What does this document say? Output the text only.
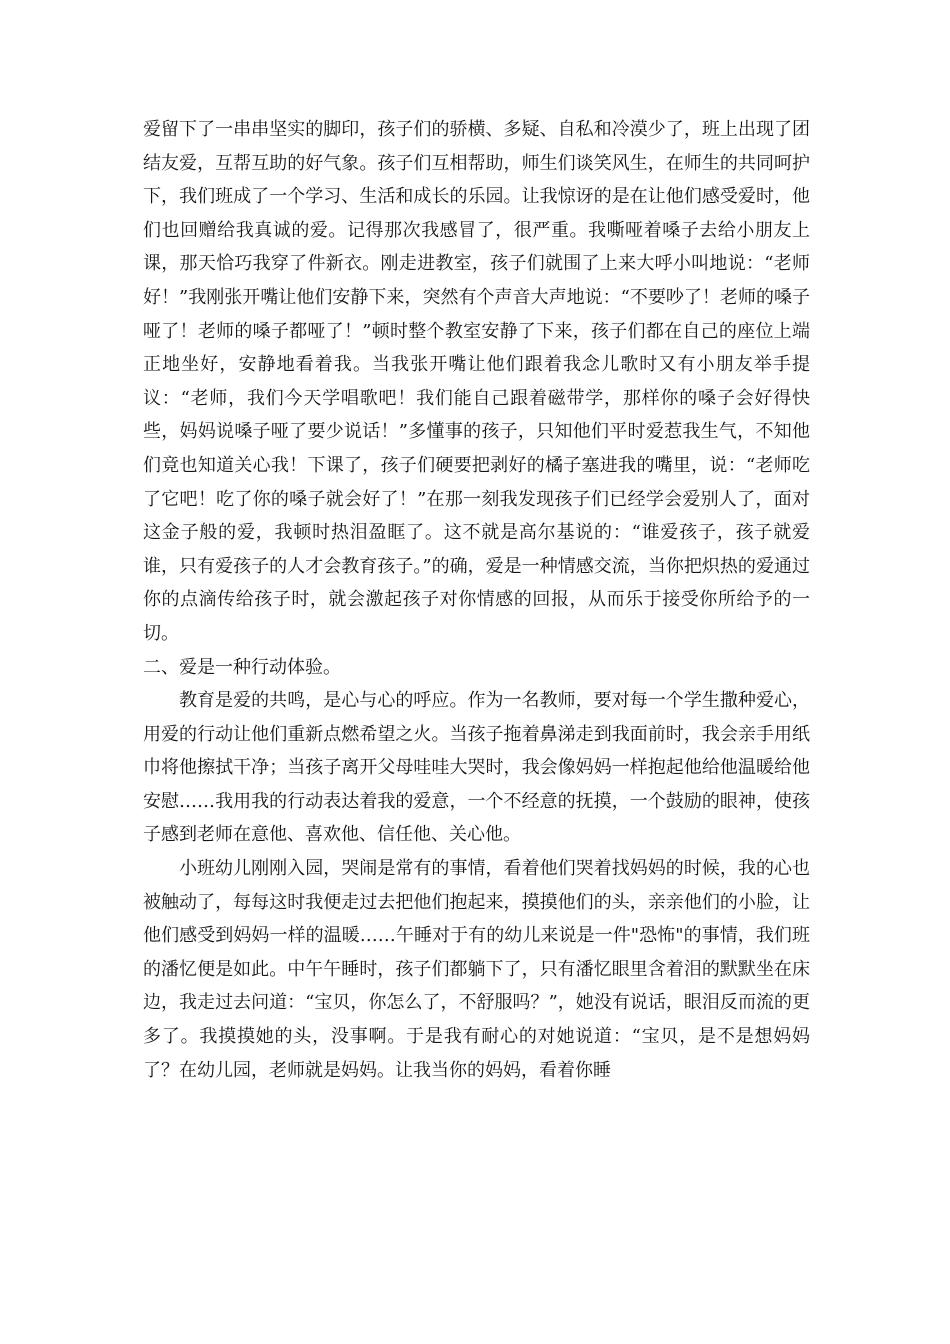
爱留下了一串串坚实的脚印，孩子们的骄横、多疑、自私和冷漠少了，班上出现了团结友爱，互帮互助的好气象。孩子们互相帮助，师生们谈笑风生，在师生的共同呵护下，我们班成了一个学习、生活和成长的乐园。让我惊讶的是在让他们感受爱时，他们也回赠给我真诚的爱。记得那次我感冒了，很严重。我嘶哑着嗓子去给小朋友上课，那天恰巧我穿了件新衣。刚走进教室，孩子们就围了上来大呼小叫地说：“老师好！”我刚张开嘴让他们安静下来，突然有个声音大声地说：“不要吵了！老师的嗓子哑了！老师的嗓子都哑了！”顿时整个教室安静了下来，孩子们都在自己的座位上端正地坐好，安静地看着我。当我张开嘴让他们跟着我念儿歌时又有小朋友举手提议：“老师，我们今天学唱歌吧！我们能自己跟着磁带学，那样你的嗓子会好得快些，妈妈说嗓子哑了要少说话！”多懂事的孩子，只知他们平时爱惹我生气，不知他们竟也知道关心我！下课了，孩子们硬要把剥好的橘子塞进我的嘴里，说：“老师吃了它吧！吃了你的嗓子就会好了！”在那一刻我发现孩子们已经学会爱别人了，面对这金子般的爱，我顿时热泪盈眶了。这不就是高尔基说的：“谁爱孩子，孩子就爱谁，只有爱孩子的人才会教育孩子。”的确，爱是一种情感交流，当你把炽热的爱通过你的点滴传给孩子时，就会激起孩子对你情感的回报，从而乐于接受你所给予的一切。

二、爱是一种行动体验。

教育是爱的共鸣，是心与心的呼应。作为一名教师，要对每一个学生撒种爱心，用爱的行动让他们重新点燃希望之火。当孩子拖着鼻涕走到我面前时，我会亲手用纸巾将他擦拭干净；当孩子离开父母哇哇大哭时，我会像妈妈一样抱起他给他温暖给他安慰……我用我的行动表达着我的爱意，一个不经意的抚摸，一个鼓励的眼神，使孩子感到老师在意他、喜欢他、信任他、关心他。

小班幼儿刚刚入园，哭闹是常有的事情，看着他们哭着找妈妈的时候，我的心也被触动了，每每这时我便走过去把他们抱起来，摸摸他们的头，亲亲他们的小脸，让他们感受到妈妈一样的温暖……午睡对于有的幼儿来说是一件"恐怖"的事情，我们班的潘忆便是如此。中午午睡时，孩子们都躺下了，只有潘忆眼里含着泪的默默坐在床边，我走过去问道：“宝贝，你怎么了，不舒服吗？”，她没有说话，眼泪反而流的更多了。我摸摸她的头，没事啊。于是我有耐心的对她说道：“宝贝，是不是想妈妈了？在幼儿园，老师就是妈妈。让我当你的妈妈，看着你睡
